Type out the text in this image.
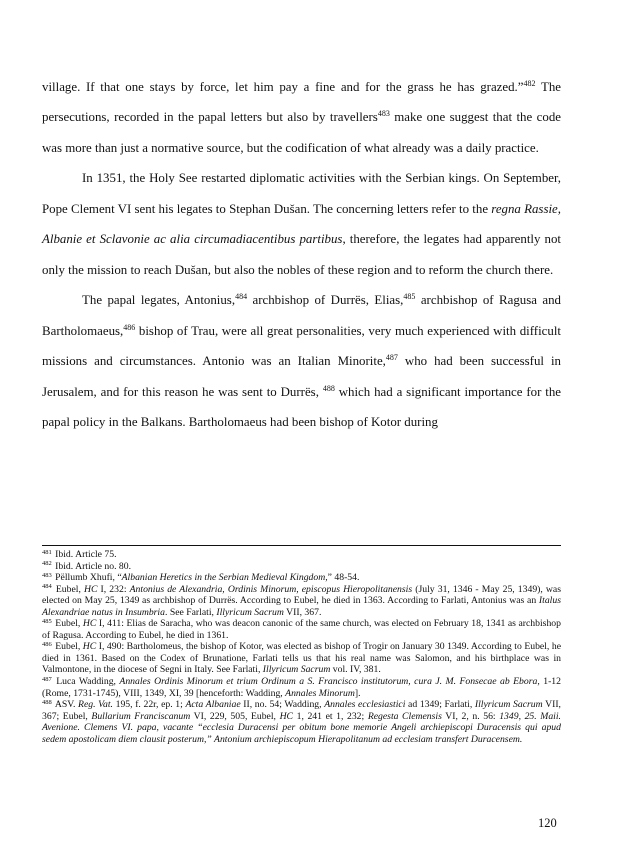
village. If that one stays by force, let him pay a fine and for the grass he has grazed.”$^{482}$ The persecutions, recorded in the papal letters but also by travellers$^{483}$ make one suggest that the code was more than just a normative source, but the codification of what already was a daily practice.

In 1351, the Holy See restarted diplomatic activities with the Serbian kings. On September, Pope Clement VI sent his legates to Stephan Dušan. The concerning letters refer to the regna Rassie, Albanie et Sclavonie ac alia circumadiacentibus partibus, therefore, the legates had apparently not only the mission to reach Dušan, but also the nobles of these region and to reform the church there.

The papal legates, Antonius,$^{484}$ archbishop of Durrës, Elias,$^{485}$ archbishop of Ragusa and Bartholomaeus,$^{486}$ bishop of Trau, were all great personalities, very much experienced with difficult missions and circumstances. Antonio was an Italian Minorite,$^{487}$ who had been successful in Jerusalem, and for this reason he was sent to Durrës, $^{488}$ which had a significant importance for the papal policy in the Balkans. Bartholomaeus had been bishop of Kotor during

$^{481}$ Ibid. Article 75.

$^{482}$ Ibid. Article no. 80.

$^{483}$ Pëllumb Xhufi, “Albanian Heretics in the Serbian Medieval Kingdom,” 48-54.

$^{484}$ Eubel, HC I, 232: Antonius de Alexandria, Ordinis Minorum, episcopus Hieropolitanensis (July 31, 1346 - May 25, 1349), was elected on May 25, 1349 as archbishop of Durrës. According to Eubel, he died in 1363. According to Farlati, Antonius was an Italus Alexandriae natus in Insumbria. See Farlati, Illyricum Sacrum VII, 367.

$^{485}$ Eubel, HC I, 411: Elias de Saracha, who was deacon canonic of the same church, was elected on February 18, 1341 as archbishop of Ragusa. According to Eubel, he died in 1361.

$^{486}$ Eubel, HC I, 490: Bartholomeus, the bishop of Kotor, was elected as bishop of Trogir on January 30 1349. According to Eubel, he died in 1361. Based on the Codex of Brunatione, Farlati tells us that his real name was Salomon, and his birthplace was in Valmontone, in the diocese of Segni in Italy. See Farlati, Illyricum Sacrum vol. IV, 381.

$^{487}$ Luca Wadding, Annales Ordinis Minorum et trium Ordinum a S. Francisco institutorum, cura J. M. Fonsecae ab Ebora, 1-12 (Rome, 1731-1745), VIII, 1349, XI, 39 [henceforth: Wadding, Annales Minorum].

$^{488}$ ASV. Reg. Vat. 195, f. 22r, ep. 1; Acta Albaniae II, no. 54; Wadding, Annales ecclesiastici ad 1349; Farlati, Illyricum Sacrum VII, 367; Eubel, Bullarium Franciscanum VI, 229, 505, Eubel, HC 1, 241 et 1, 232; Regesta Clemensis VI, 2, n. 56: 1349, 25. Maii. Avenione. Clemens VI. papa, vacante “ecclesia Duracensi per obitum bone memorie Angeli archiepiscopi Duracensis qui apud sedem apostolicam diem clausit posterum,” Antonium archiepiscopum Hierapolitanum ad ecclesiam transfert Duracensem.

120
